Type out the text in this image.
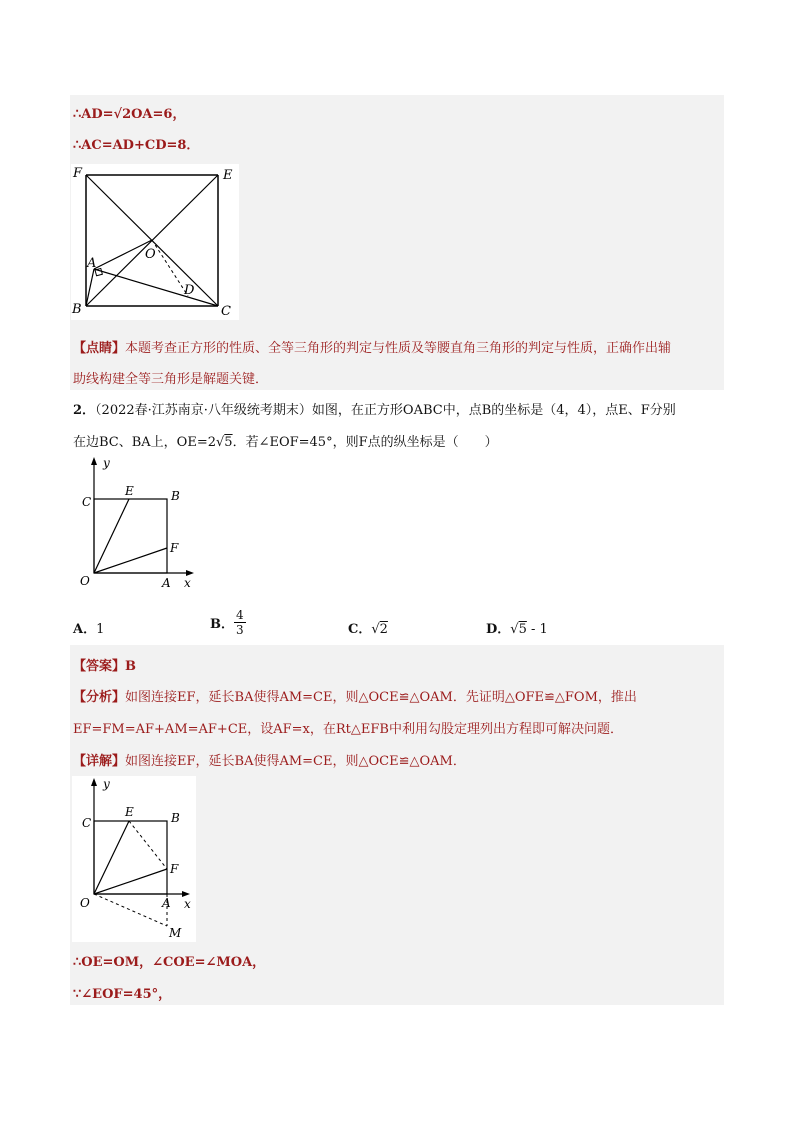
∴AD=√2OA=6，
∴AC=AD+CD=8．
F	E
A
O
B	C
D
【点睛】本题考查正方形的性质、全等三角形的判定与性质及等腰直角三角形的判定与性质，正确作出辅
助线构建全等三角形是解题关键．
2．（2022春·江苏南京·八年级统考期末）如图，在正方形OABC中，点B的坐标是（4，4），点E、F分别
在边BC、BA上，OE=2√5．若∠EOF=45°，则F点的纵坐标是（　　）
y
x
C
E	B
F
O	A
A．1	B． $\frac{4}{3}$	C．√2	D．√5 - 1
【答案】B
【分析】如图连接EF，延长BA使得AM=CE，则△OCE≌△OAM．先证明△OFE≌△FOM，推出
EF=FM=AF+AM=AF+CE，设AF=x，在Rt△EFB中利用勾股定理列出方程即可解决问题．
【详解】如图连接EF，延长BA使得AM=CE，则△OCE≌△OAM．
y
x
C
E	B
F
O	A
M
∴OE=OM，∠COE=∠MOA，
∵∠EOF=45°，
